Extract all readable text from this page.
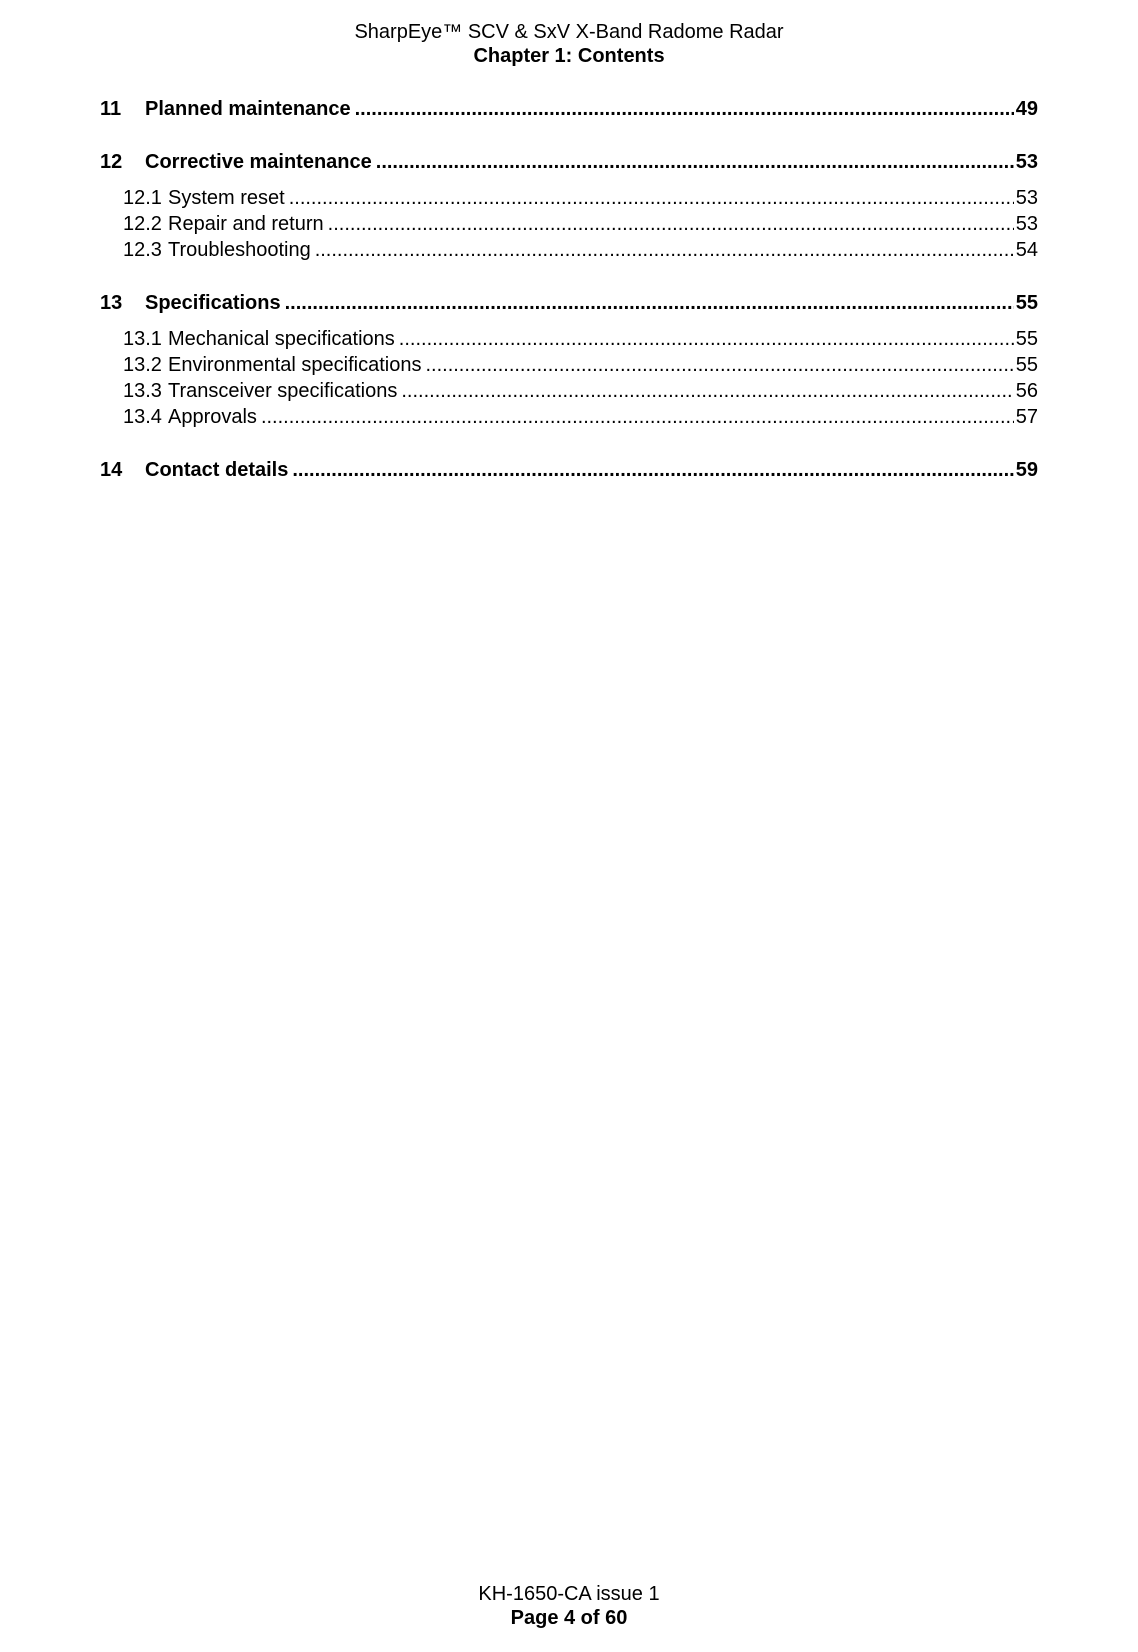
SharpEye™ SCV & SxV X-Band Radome Radar
Chapter 1: Contents
11	Planned maintenance .....	49
12	Corrective maintenance .....	53
12.1 System reset .....	53
12.2 Repair and return .....	53
12.3 Troubleshooting .....	54
13	Specifications .....	55
13.1 Mechanical specifications .....	55
13.2 Environmental specifications .....	55
13.3 Transceiver specifications .....	56
13.4 Approvals .....	57
14	Contact details .....	59
KH-1650-CA issue 1
Page 4 of 60
